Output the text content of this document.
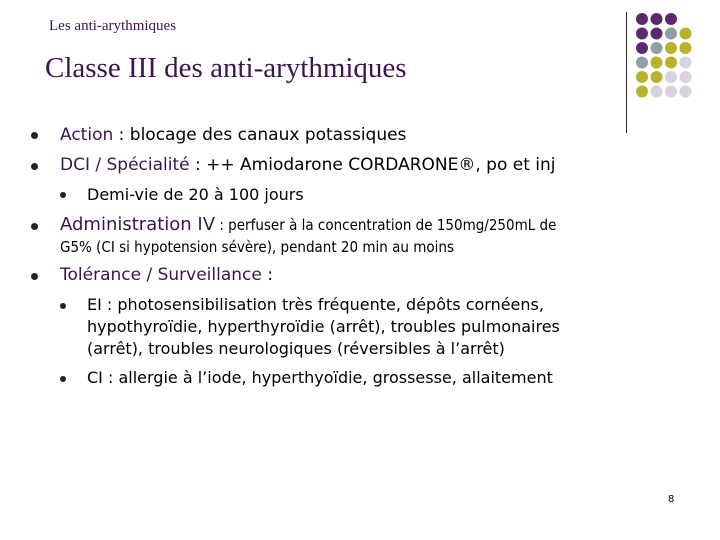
Les anti-arythmiques
Classe III des anti-arythmiques
Action : blocage des canaux potassiques
DCI / Spécialité : ++ Amiodarone CORDARONE®, po et inj
Demi-vie de 20 à 100 jours
Administration IV : perfuser à la concentration de 150mg/250mL de
G5% (CI si hypotension sévère), pendant 20 min au moins
Tolérance / Surveillance :
EI : photosensibilisation très fréquente, dépôts cornéens,
hypothyroïdie, hyperthyroïdie (arrêt), troubles pulmonaires
(arrêt), troubles neurologiques (réversibles à l’arrêt)
CI : allergie à l’iode, hyperthyoïdie, grossesse, allaitement
8
